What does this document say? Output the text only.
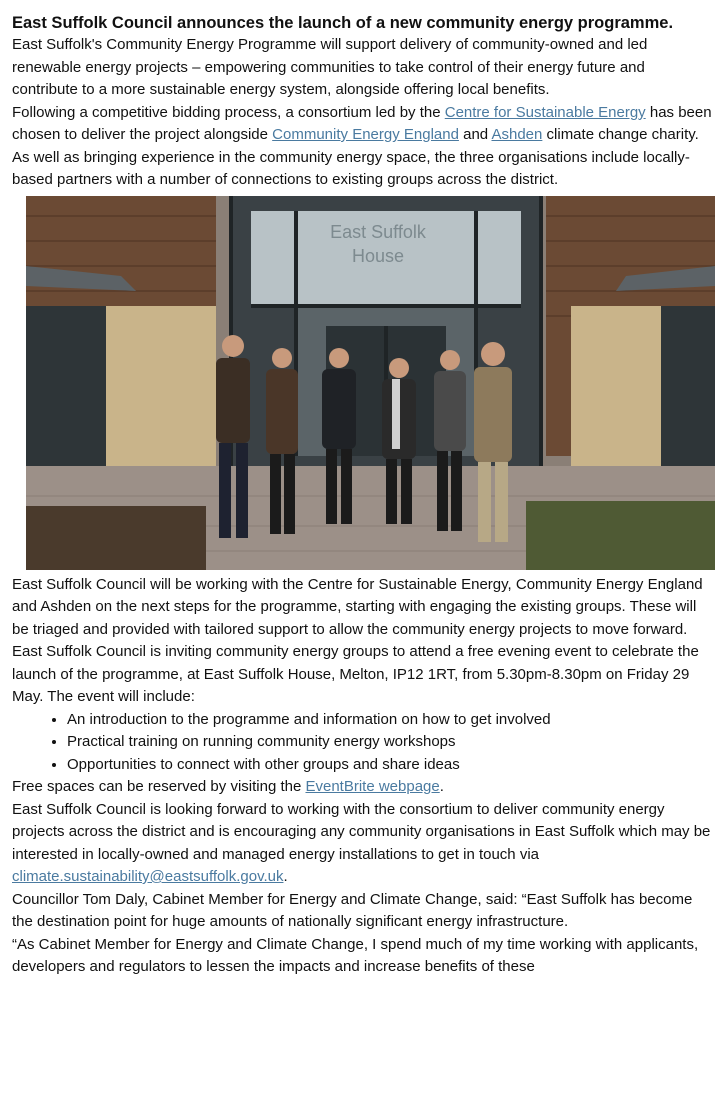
East Suffolk Council announces the launch of a new community energy programme.

East Suffolk's Community Energy Programme will support delivery of community-owned and led renewable energy projects – empowering communities to take control of their energy future and contribute to a more sustainable energy system, alongside offering local benefits.

Following a competitive bidding process, a consortium led by the Centre for Sustainable Energy has been chosen to deliver the project alongside Community Energy England and Ashden climate change charity.

As well as bringing experience in the community energy space, the three organisations include locally-based partners with a number of connections to existing groups across the district.

East Suffolk
House

East Suffolk Council will be working with the Centre for Sustainable Energy, Community Energy England and Ashden on the next steps for the programme, starting with engaging the existing groups. These will be triaged and provided with tailored support to allow the community energy projects to move forward.

East Suffolk Council is inviting community energy groups to attend a free evening event to celebrate the launch of the programme, at East Suffolk House, Melton, IP12 1RT, from 5.30pm-8.30pm on Friday 29 May. The event will include:

• An introduction to the programme and information on how to get involved
• Practical training on running community energy workshops
• Opportunities to connect with other groups and share ideas

Free spaces can be reserved by visiting the EventBrite webpage.

East Suffolk Council is looking forward to working with the consortium to deliver community energy projects across the district and is encouraging any community organisations in East Suffolk which may be interested in locally-owned and managed energy installations to get in touch via climate.sustainability@eastsuffolk.gov.uk.

Councillor Tom Daly, Cabinet Member for Energy and Climate Change, said: “East Suffolk has become the destination point for huge amounts of nationally significant energy infrastructure.

“As Cabinet Member for Energy and Climate Change, I spend much of my time working with applicants, developers and regulators to lessen the impacts and increase benefits of these
